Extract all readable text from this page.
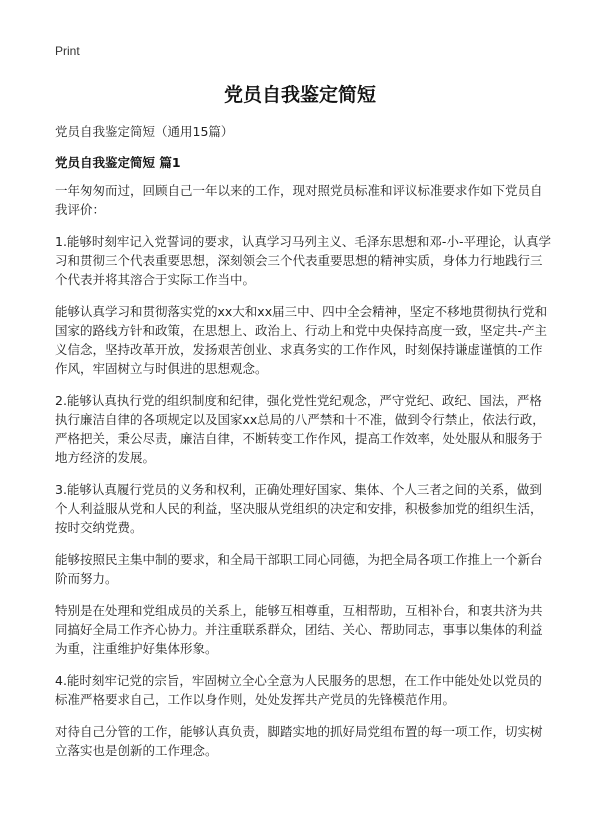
Print
党员自我鉴定简短
党员自我鉴定简短（通用15篇）
党员自我鉴定简短 篇1

一年匆匆而过，回顾自己一年以来的工作，现对照党员标准和评议标准要求作如下党员自我评价：

1.能够时刻牢记入党誓词的要求，认真学习马列主义、毛泽东思想和邓-小-平理论，认真学习和贯彻三个代表重要思想，深刻领会三个代表重要思想的精神实质，身体力行地践行三个代表并将其溶合于实际工作当中。

能够认真学习和贯彻落实党的xx大和xx届三中、四中全会精神，坚定不移地贯彻执行党和国家的路线方针和政策，在思想上、政治上、行动上和党中央保持高度一致，坚定共-产主义信念，坚持改革开放，发扬艰苦创业、求真务实的工作作风，时刻保持谦虚谨慎的工作作风，牢固树立与时俱进的思想观念。

2.能够认真执行党的组织制度和纪律，强化党性党纪观念，严守党纪、政纪、国法，严格执行廉洁自律的各项规定以及国家xx总局的八严禁和十不准，做到令行禁止，依法行政，严格把关，秉公尽责，廉洁自律，不断转变工作作风，提高工作效率，处处服从和服务于地方经济的发展。

3.能够认真履行党员的义务和权利，正确处理好国家、集体、个人三者之间的关系，做到个人利益服从党和人民的利益，坚决服从党组织的决定和安排，积极参加党的组织生活，按时交纳党费。

能够按照民主集中制的要求，和全局干部职工同心同德，为把全局各项工作推上一个新台阶而努力。

特别是在处理和党组成员的关系上，能够互相尊重，互相帮助，互相补台，和衷共济为共同搞好全局工作齐心协力。并注重联系群众，团结、关心、帮助同志，事事以集体的利益为重，注重维护好集体形象。

4.能时刻牢记党的宗旨，牢固树立全心全意为人民服务的思想，在工作中能处处以党员的标准严格要求自己，工作以身作则，处处发挥共产党员的先锋模范作用。

对待自己分管的工作，能够认真负责，脚踏实地的抓好局党组布置的每一项工作，切实树立落实也是创新的工作理念。
